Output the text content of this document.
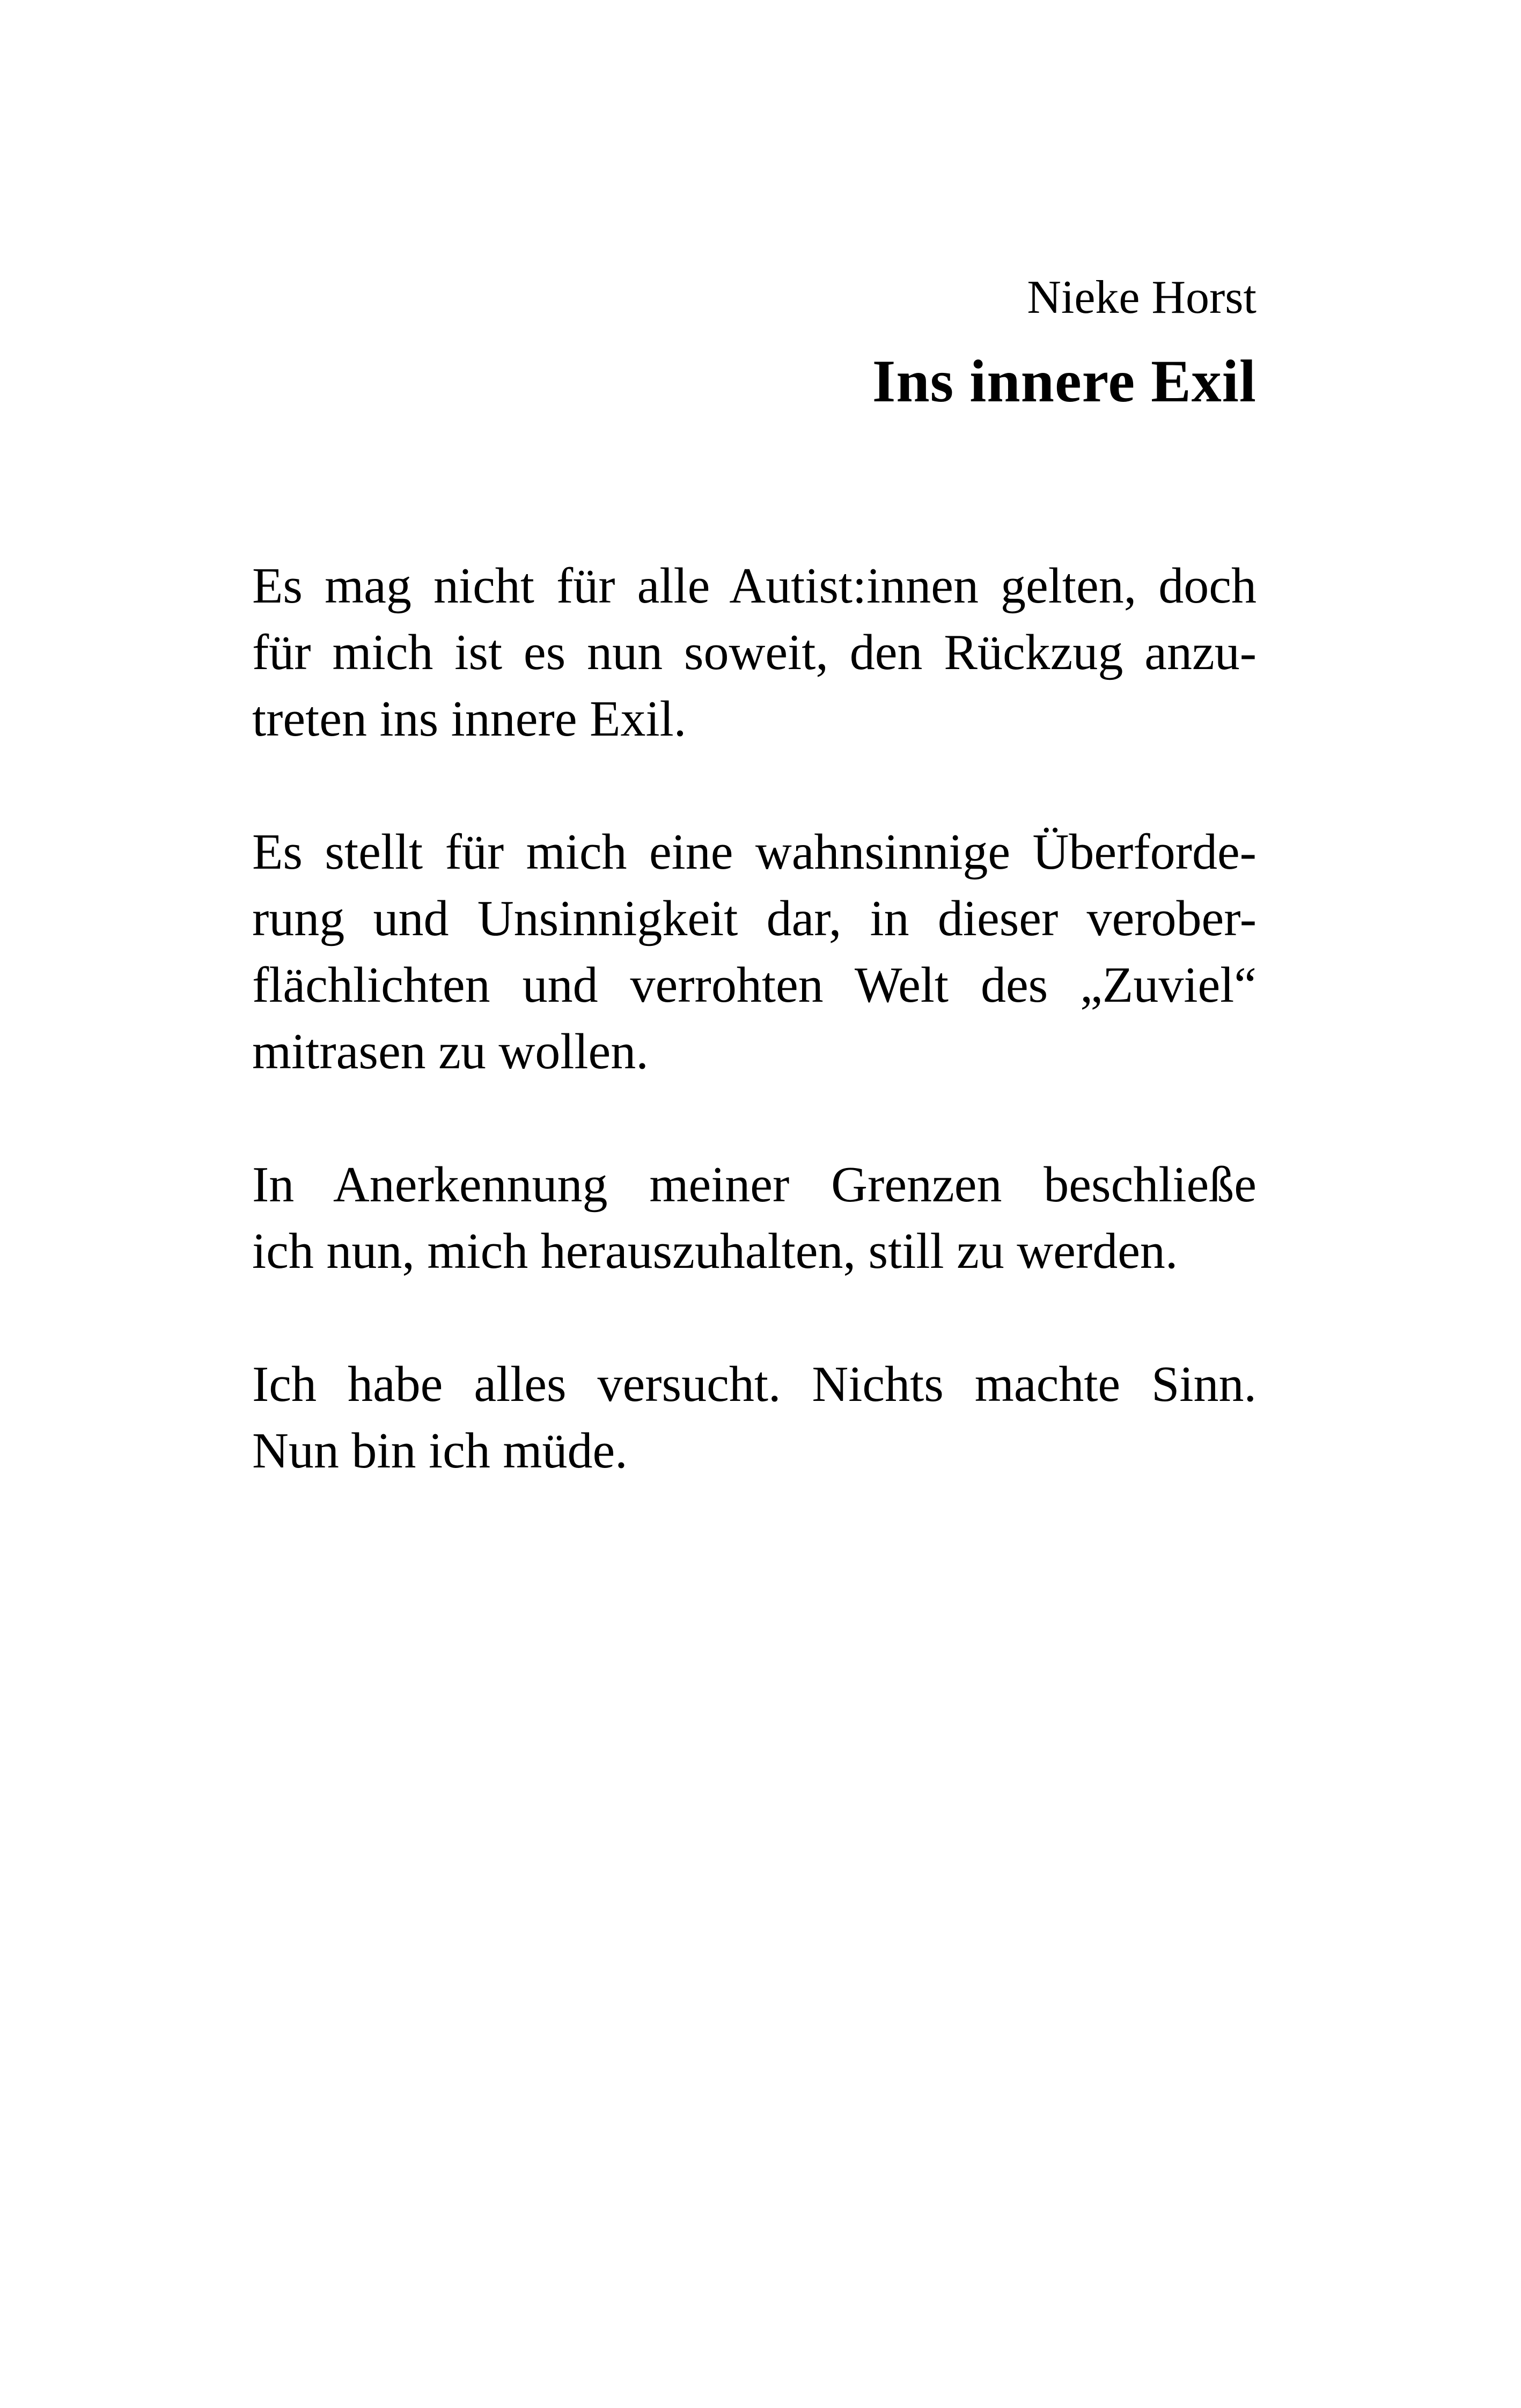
Nieke Horst

Ins innere Exil

Es mag nicht für alle Autist:innen gelten, doch
für mich ist es nun soweit, den Rückzug anzu-
treten ins innere Exil.

Es stellt für mich eine wahnsinnige Überforde-
rung und Unsinnigkeit dar, in dieser verober-
flächlichten und verrohten Welt des „Zuviel“
mitrasen zu wollen.

In Anerkennung meiner Grenzen beschließe
ich nun, mich herauszuhalten, still zu werden.

Ich habe alles versucht. Nichts machte Sinn.
Nun bin ich müde.
